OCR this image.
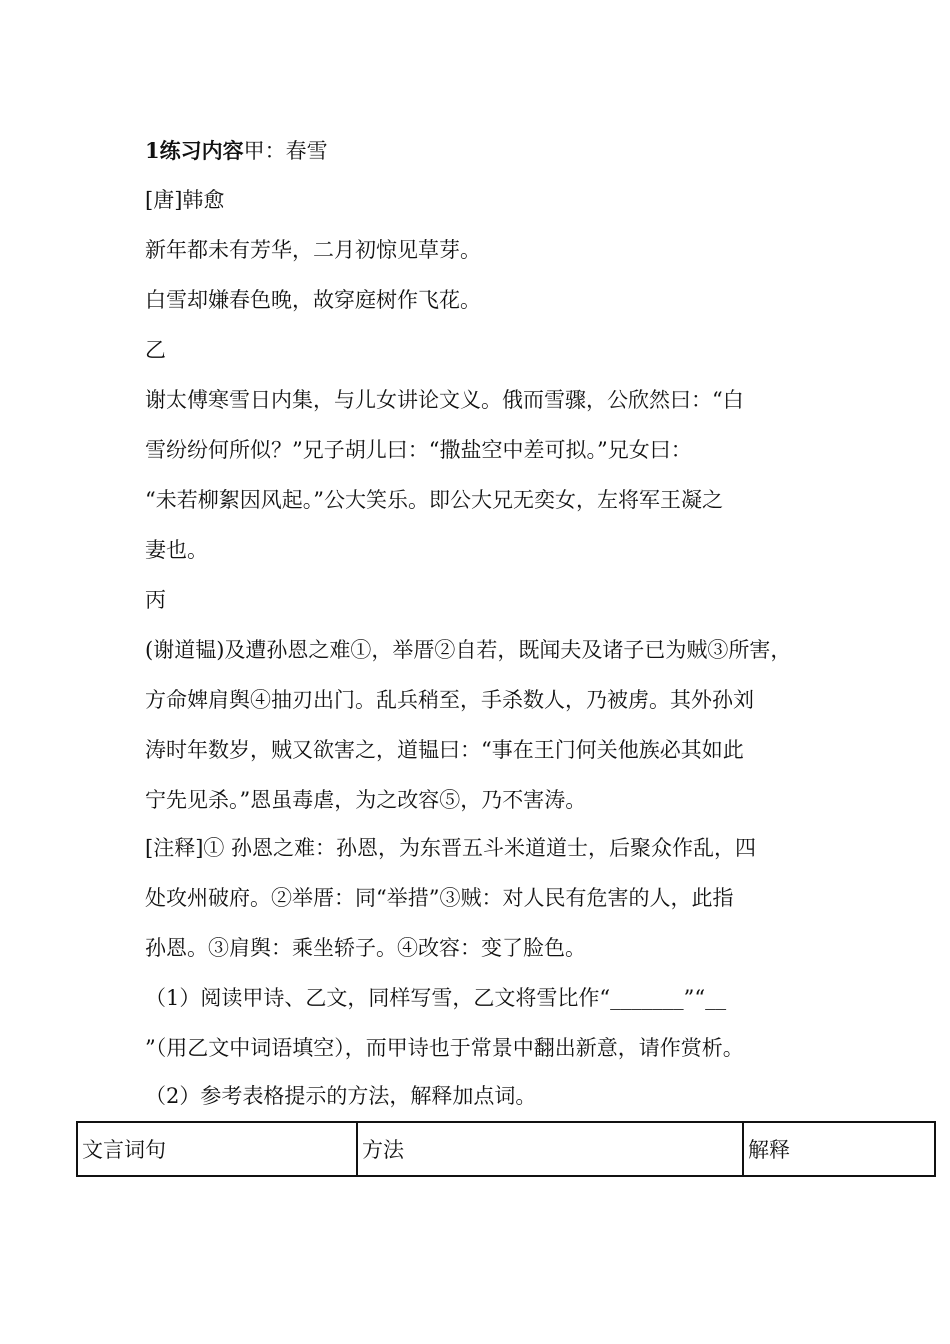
1练习内容甲：春雪
[唐]韩愈
新年都未有芳华，二月初惊见草芽。
白雪却嫌春色晚，故穿庭树作飞花。
乙
谢太傅寒雪日内集，与儿女讲论文义。俄而雪骤，公欣然曰：“白
雪纷纷何所似？”兄子胡儿曰：“撒盐空中差可拟。”兄女曰：
“未若柳絮因风起。”公大笑乐。即公大兄无奕女，左将军王凝之
妻也。
丙
(谢道韫)及遭孙恩之难①，举厝②自若，既闻夫及诸子已为贼③所害，
方命婢肩舆④抽刃出门。乱兵稍至，手杀数人，乃被虏。其外孙刘
涛时年数岁，贼又欲害之，道韫曰：“事在王门何关他族必其如此
宁先见杀。”恩虽毒虐，为之改容⑤，乃不害涛。
[注释]① 孙恩之难：孙恩，为东晋五斗米道道士，后聚众作乱，四
处攻州破府。②举厝：同“举措”③贼：对人民有危害的人，此指
孙恩。③肩舆：乘坐轿子。④改容：变了脸色。
（1）阅读甲诗、乙文，同样写雪，乙文将雪比作“_______”“__
”（用乙文中词语填空），而甲诗也于常景中翻出新意，请作赏析。
（2）参考表格提示的方法，解释加点词。
文言词句	方法	解释
